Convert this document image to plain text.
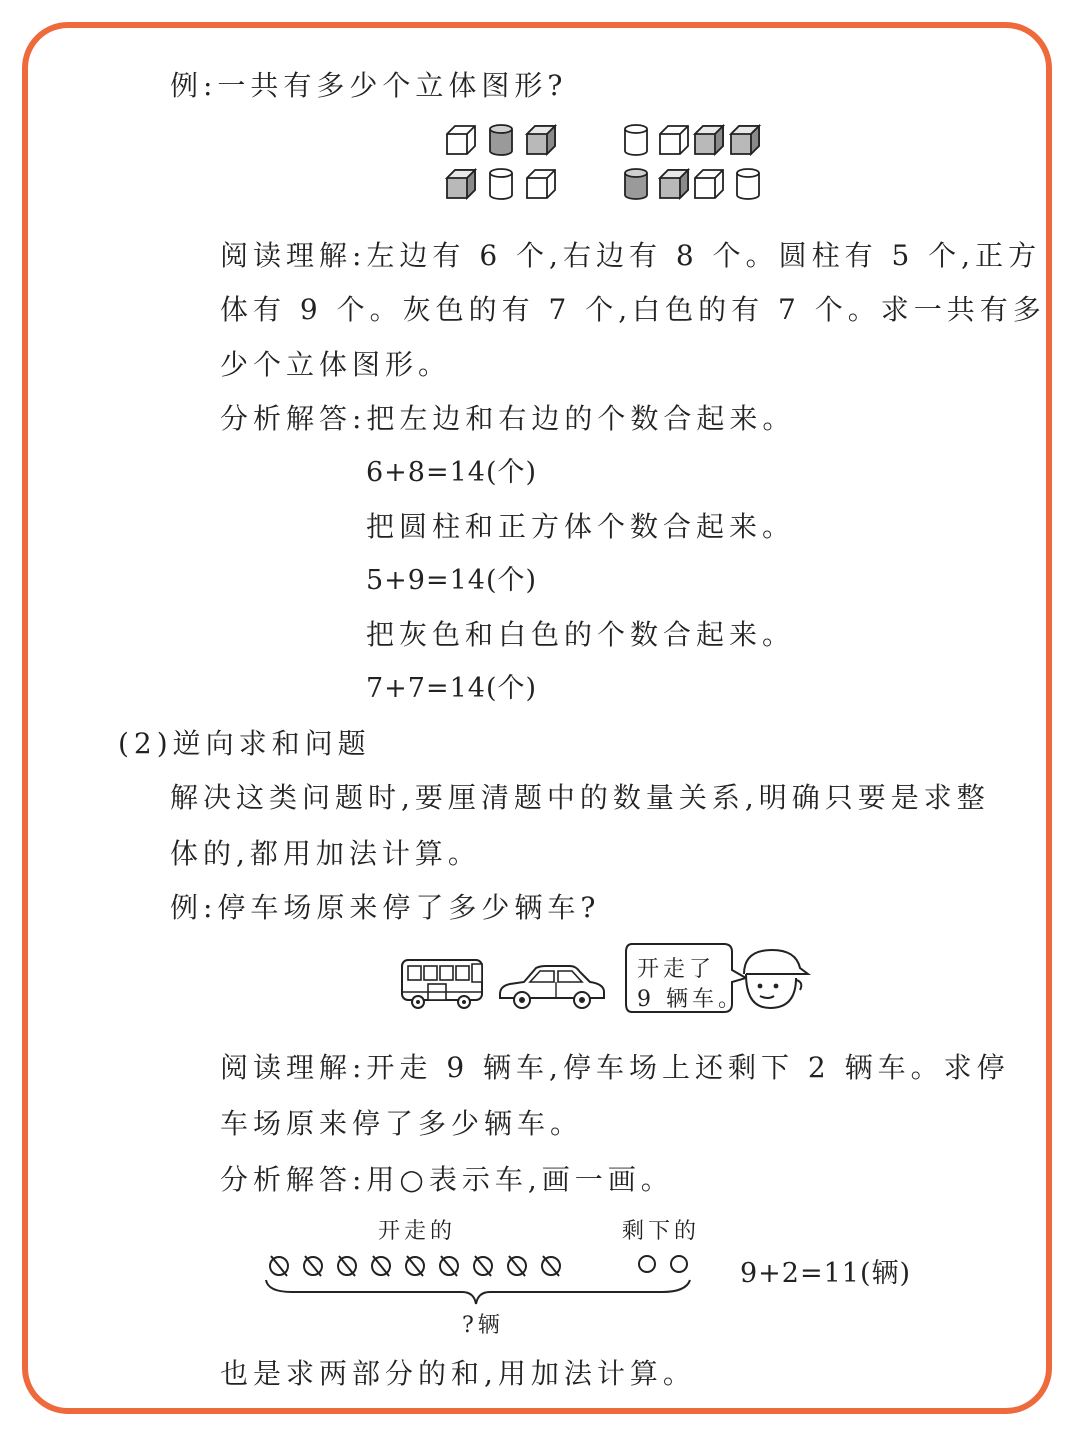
例:一共有多少个立体图形?
阅读理解:左边有 6 个,右边有 8 个。圆柱有 5 个,正方
体有 9 个。灰色的有 7 个,白色的有 7 个。求一共有多
少个立体图形。
分析解答:把左边和右边的个数合起来。
6+8=14(个)
把圆柱和正方体个数合起来。
5+9=14(个)
把灰色和白色的个数合起来。
7+7=14(个)
(2)逆向求和问题
解决这类问题时,要厘清题中的数量关系,明确只要是求整
体的,都用加法计算。
例:停车场原来停了多少辆车?
开走了
9 辆车。
阅读理解:开走 9 辆车,停车场上还剩下 2 辆车。求停
车场原来停了多少辆车。
分析解答:用○表示车,画一画。
开走的	剩下的
9+2=11(辆)
?辆
也是求两部分的和,用加法计算。
